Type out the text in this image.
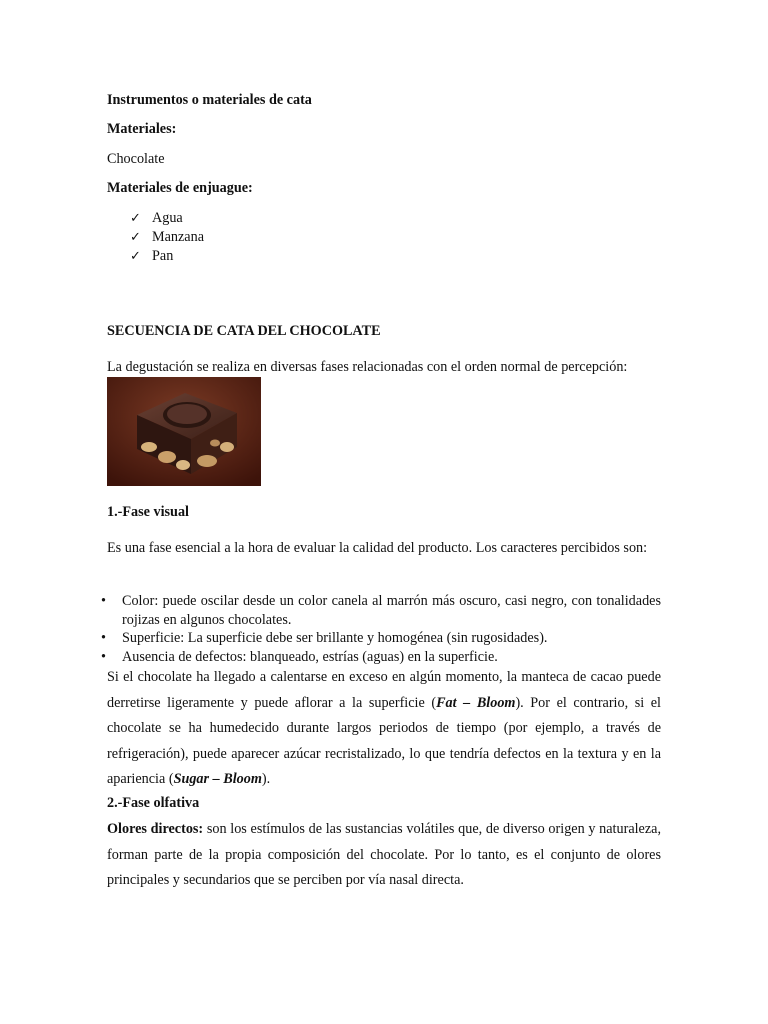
Instrumentos o materiales de cata

Materiales:

Chocolate

Materiales de enjuague:

✓ Agua
✓ Manzana
✓ Pan

SECUENCIA DE CATA DEL CHOCOLATE

La degustación se realiza en diversas fases relacionadas con el orden normal de percepción:

1.-Fase visual

Es una fase esencial a la hora de evaluar la calidad del producto. Los caracteres percibidos son:

• Color: puede oscilar desde un color canela al marrón más oscuro, casi negro, con tonalidades rojizas en algunos chocolates.
• Superficie: La superficie debe ser brillante y homogénea (sin rugosidades).
• Ausencia de defectos: blanqueado, estrías (aguas) en la superficie.

Si el chocolate ha llegado a calentarse en exceso en algún momento, la manteca de cacao puede derretirse ligeramente y puede aflorar a la superficie (Fat – Bloom). Por el contrario, si el chocolate se ha humedecido durante largos periodos de tiempo (por ejemplo, a través de refrigeración), puede aparecer azúcar recristalizado, lo que tendría defectos en la textura y en la apariencia (Sugar – Bloom).

2.-Fase olfativa

Olores directos: son los estímulos de las sustancias volátiles que, de diverso origen y naturaleza, forman parte de la propia composición del chocolate. Por lo tanto, es el conjunto de olores principales y secundarios que se perciben por vía nasal directa.
